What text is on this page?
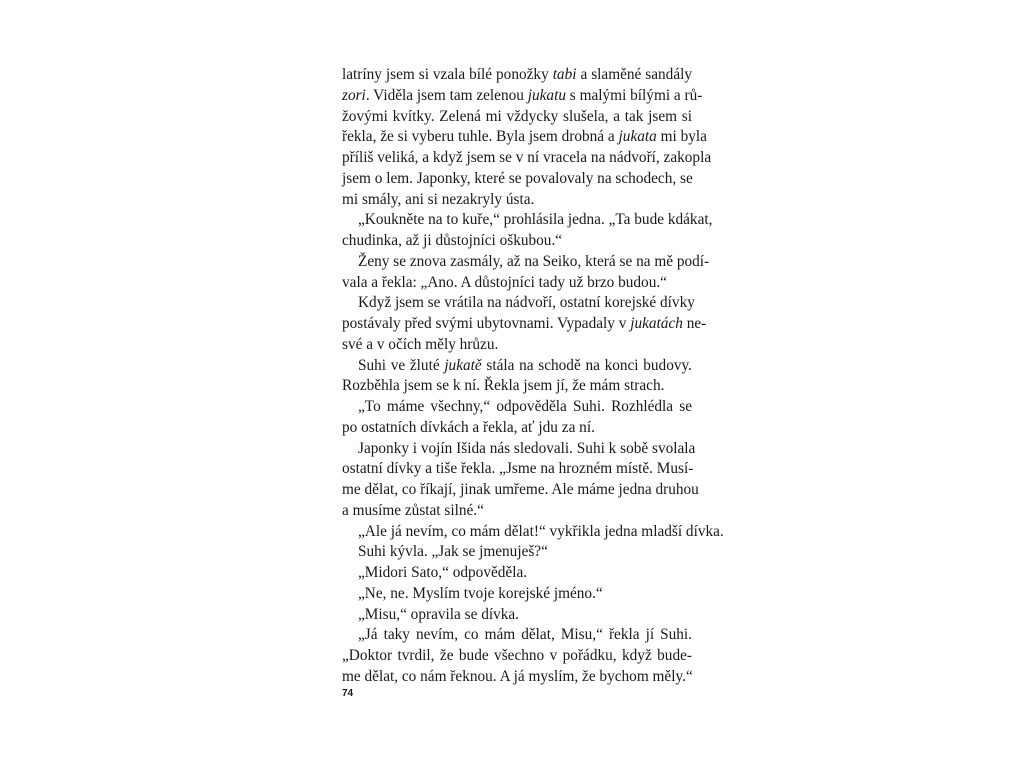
latríny jsem si vzala bílé ponožky tabi a slaměné sandály
zori. Viděla jsem tam zelenou jukatu s malými bílými a rů-
žovými kvítky. Zelená mi vždycky slušela, a tak jsem si
řekla, že si vyberu tuhle. Byla jsem drobná a jukata mi byla
příliš veliká, a když jsem se v ní vracela na nádvoří, zakopla
jsem o lem. Japonky, které se povalovaly na schodech, se
mi smály, ani si nezakryly ústa.
„Koukněte na to kuře,“ prohlásila jedna. „Ta bude kdákat,
chudinka, až ji důstojníci oškubou.“
Ženy se znova zasmály, až na Seiko, která se na mě podí-
vala a řekla: „Ano. A důstojníci tady už brzo budou.“
Když jsem se vrátila na nádvoří, ostatní korejské dívky
postávaly před svými ubytovnami. Vypadaly v jukatách ne-
své a v očích měly hrůzu.
Suhi ve žluté jukatě stála na schodě na konci budovy.
Rozběhla jsem se k ní. Řekla jsem jí, že mám strach.
„To máme všechny,“ odpověděla Suhi. Rozhlédla se
po ostatních dívkách a řekla, ať jdu za ní.
Japonky i vojín Išida nás sledovali. Suhi k sobě svolala
ostatní dívky a tiše řekla. „Jsme na hrozném místě. Musí-
me dělat, co říkají, jinak umřeme. Ale máme jedna druhou
a musíme zůstat silné.“
„Ale já nevím, co mám dělat!“ vykřikla jedna mladší dívka.
Suhi kývla. „Jak se jmenuješ?“
„Midori Sato,“ odpověděla.
„Ne, ne. Myslím tvoje korejské jméno.“
„Misu,“ opravila se dívka.
„Já taky nevím, co mám dělat, Misu,“ řekla jí Suhi.
„Doktor tvrdil, že bude všechno v pořádku, když bude-
me dělat, co nám řeknou. A já myslím, že bychom měly.“
74
